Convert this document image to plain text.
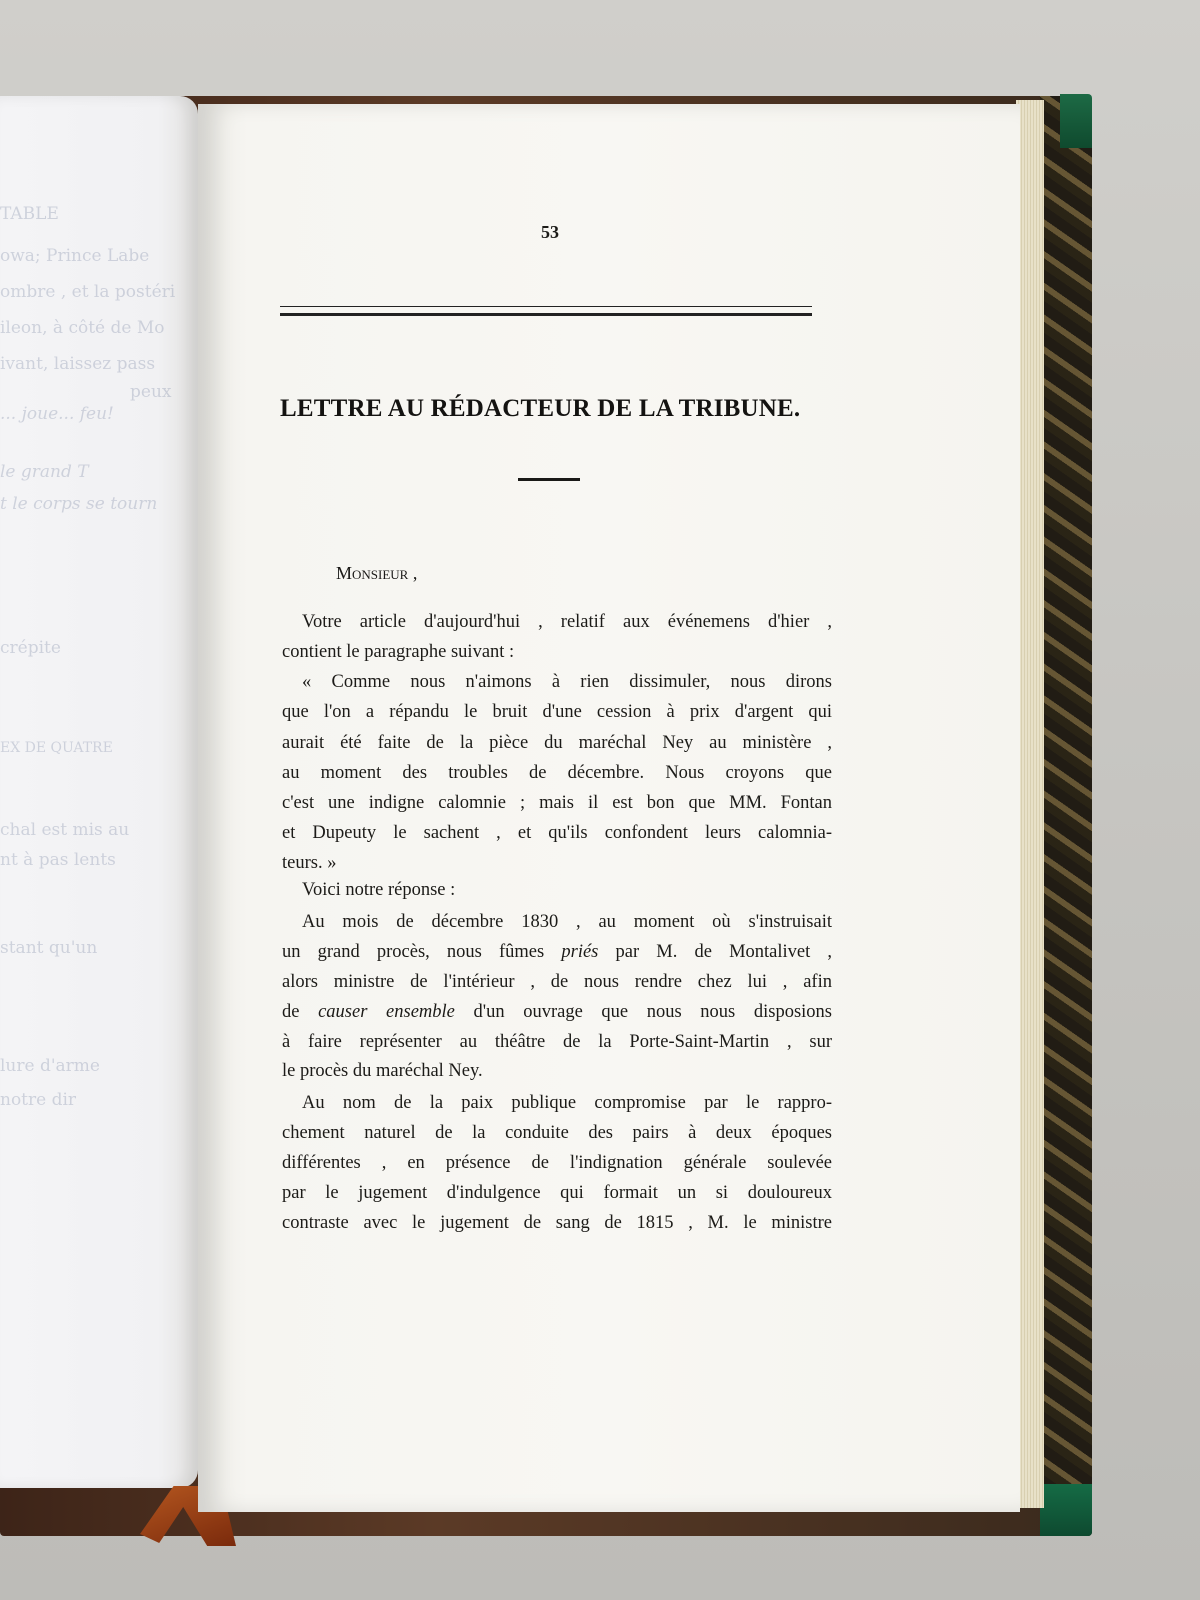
TABLE
owa; Prince Labe
ombre , et la postéri
ileon, à côté de Mo
ivant, laissez pass
peux
... joue... feu!
le grand T
t le corps se tourn
crépite
EX DE QUATRE
chal est mis au
nt à pas lents
stant qu'un
lure d'arme
notre dir
53
LETTRE AU RÉDACTEUR DE LA TRIBUNE.
Monsieur ,
Votre article d'aujourd'hui , relatif aux événemens d'hier ,
contient le paragraphe suivant :
« Comme nous n'aimons à rien dissimuler, nous dirons
que l'on a répandu le bruit d'une cession à prix d'argent qui
aurait été faite de la pièce du maréchal Ney au ministère ,
au moment des troubles de décembre. Nous croyons que
c'est une indigne calomnie ; mais il est bon que MM. Fontan
et Dupeuty le sachent , et qu'ils confondent leurs calomnia-
teurs. »
Voici notre réponse :
Au mois de décembre 1830 , au moment où s'instruisait
un grand procès, nous fûmes priés par M. de Montalivet ,
alors ministre de l'intérieur , de nous rendre chez lui , afin
de causer ensemble d'un ouvrage que nous nous disposions
à faire représenter au théâtre de la Porte-Saint-Martin , sur
le procès du maréchal Ney.
Au nom de la paix publique compromise par le rappro-
chement naturel de la conduite des pairs à deux époques
différentes , en présence de l'indignation générale soulevée
par le jugement d'indulgence qui formait un si douloureux
contraste avec le jugement de sang de 1815 , M. le ministre
